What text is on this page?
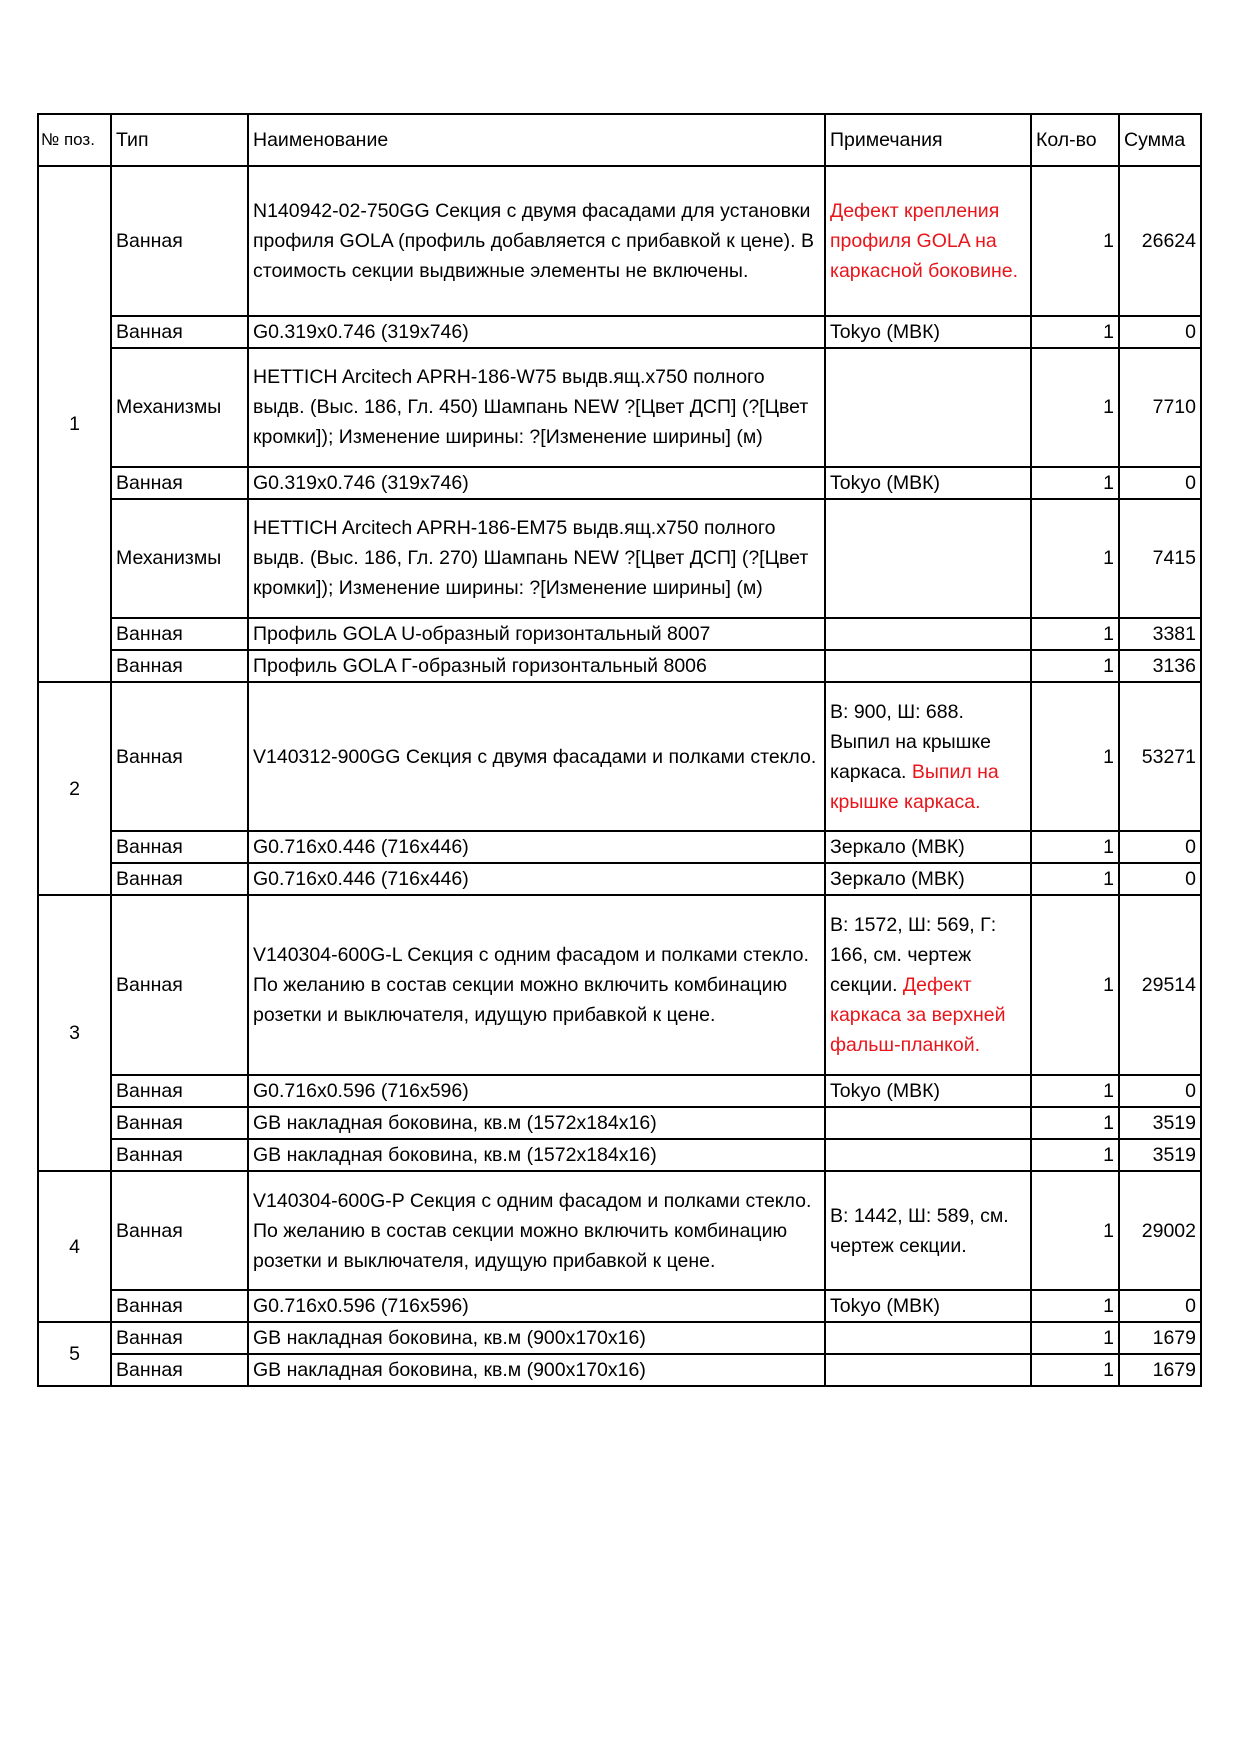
№ поз.	Тип	Наименование	Примечания	Кол-во	Сумма
1	Ванная	N140942-02-750GG Секция с двумя фасадами для установки профиля GOLA (профиль добавляется с прибавкой к цене). В стоимость секции выдвижные элементы не включены.	Дефект крепления профиля GOLA на каркасной боковине.	1	26624
	Ванная	G0.319x0.746 (319x746)	Tokyo (МВК)	1	0
	Механизмы	HETTICH Arcitech APRH-186-W75 выдв.ящ.x750 полного выдв. (Выс. 186, Гл. 450) Шампань NEW ?[Цвет ДСП] (?[Цвет кромки]); Изменение ширины: ?[Изменение ширины] (м)		1	7710
	Ванная	G0.319x0.746 (319x746)	Tokyo (МВК)	1	0
	Механизмы	HETTICH Arcitech APRH-186-EM75 выдв.ящ.x750 полного выдв. (Выс. 186, Гл. 270) Шампань NEW ?[Цвет ДСП] (?[Цвет кромки]); Изменение ширины: ?[Изменение ширины] (м)		1	7415
	Ванная	Профиль GOLA U-образный горизонтальный 8007		1	3381
	Ванная	Профиль GOLA Г-образный горизонтальный 8006		1	3136
2	Ванная	V140312-900GG Секция с двумя фасадами и полками стекло.	В: 900, Ш: 688. Выпил на крышке каркаса. Выпил на крышке каркаса.	1	53271
	Ванная	G0.716x0.446 (716x446)	Зеркало (МВК)	1	0
	Ванная	G0.716x0.446 (716x446)	Зеркало (МВК)	1	0
3	Ванная	V140304-600G-L Секция с одним фасадом и полками стекло. По желанию в состав секции можно включить комбинацию розетки и выключателя, идущую прибавкой к цене.	В: 1572, Ш: 569, Г: 166, см. чертеж секции. Дефект каркаса за верхней фальш-планкой.	1	29514
	Ванная	G0.716x0.596 (716x596)	Tokyo (МВК)	1	0
	Ванная	GB накладная боковина, кв.м (1572x184x16)		1	3519
	Ванная	GB накладная боковина, кв.м (1572x184x16)		1	3519
4	Ванная	V140304-600G-P Секция с одним фасадом и полками стекло. По желанию в состав секции можно включить комбинацию розетки и выключателя, идущую прибавкой к цене.	В: 1442, Ш: 589, см. чертеж секции.	1	29002
	Ванная	G0.716x0.596 (716x596)	Tokyo (МВК)	1	0
5	Ванная	GB накладная боковина, кв.м (900x170x16)		1	1679
	Ванная	GB накладная боковина, кв.м (900x170x16)		1	1679
